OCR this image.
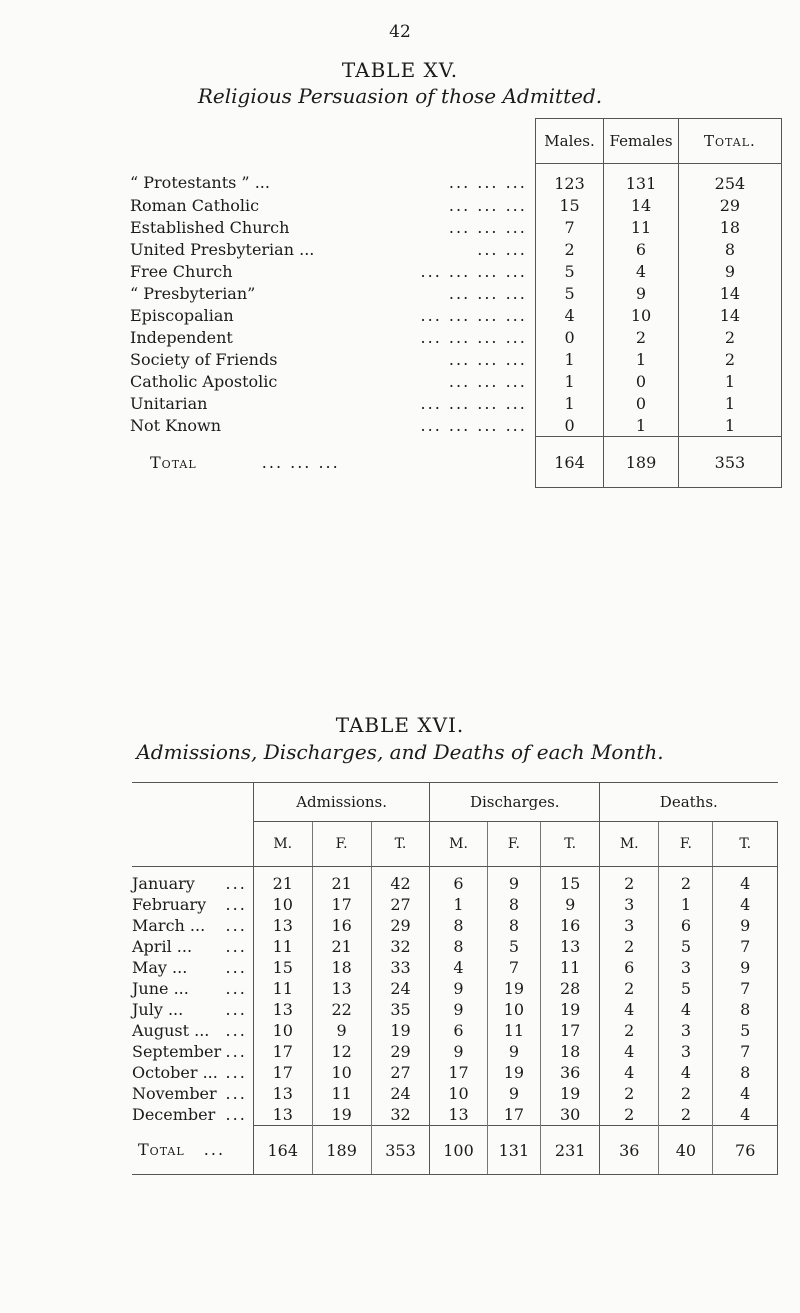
42
TABLE XV.
Religious Persuasion of those Admitted.
	Males.	Females	Total.
“ Protestants ” ... ... ... ...	123	131	254
Roman Catholic ... ... ...	15	14	29
Established Church ... ... ...	7	11	18
United Presbyterian ... ... ...	2	6	8
Free Church ... ... ... ...	5	4	9
“ Presbyterian” ... ... ...	5	9	14
Episcopalian ... ... ... ...	4	10	14
Independent ... ... ... ...	0	2	2
Society of Friends ... ... ...	1	1	2
Catholic Apostolic ... ... ...	1	0	1
Unitarian ... ... ... ...	1	0	1
Not Known ... ... ... ...	0	1	1
Total ... ... ...	164	189	353
TABLE XVI.
Admissions, Discharges, and Deaths of each Month.
	Admissions.			Discharges.			Deaths.		
	M.	F.	T.	M.	F.	T.	M.	F.	T.
January ...	21	21	42	6	9	15	2	2	4
February ...	10	17	27	1	8	9	3	1	4
March ... ...	13	16	29	8	8	16	3	6	9
April ... ...	11	21	32	8	5	13	2	5	7
May ... ...	15	18	33	4	7	11	6	3	9
June ... ...	11	13	24	9	19	28	2	5	7
July ... ...	13	22	35	9	10	19	4	4	8
August ... ...	10	9	19	6	11	17	2	3	5
September ...	17	12	29	9	9	18	4	3	7
October ... ...	17	10	27	17	19	36	4	4	8
November ...	13	11	24	10	9	19	2	2	4
December ...	13	19	32	13	17	30	2	2	4
Total ...	164	189	353	100	131	231	36	40	76
